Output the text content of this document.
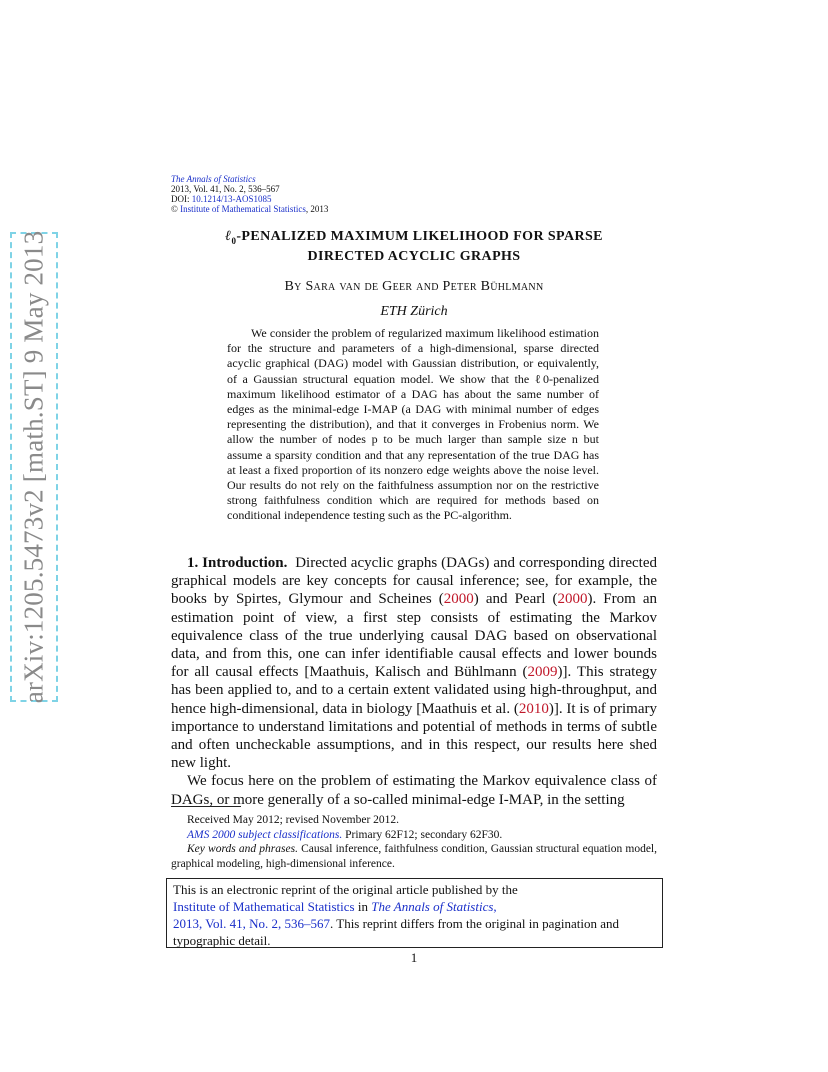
arXiv:1205.5473v2 [math.ST] 9 May 2013
The Annals of Statistics
2013, Vol. 41, No. 2, 536–567
DOI: 10.1214/13-AOS1085
© Institute of Mathematical Statistics, 2013
ℓ$_0$-PENALIZED MAXIMUM LIKELIHOOD FOR SPARSE
DIRECTED ACYCLIC GRAPHS
By Sara van de Geer and Peter Bühlmann
ETH Zürich
We consider the problem of regularized maximum likelihood estimation for the structure and parameters of a high-dimensional, sparse directed acyclic graphical (DAG) model with Gaussian distribution, or equivalently, of a Gaussian structural equation model. We show that the ℓ0-penalized maximum likelihood estimator of a DAG has about the same number of edges as the minimal-edge I-MAP (a DAG with minimal number of edges representing the distribution), and that it converges in Frobenius norm. We allow the number of nodes p to be much larger than sample size n but assume a sparsity condition and that any representation of the true DAG has at least a fixed proportion of its nonzero edge weights above the noise level. Our results do not rely on the faithfulness assumption nor on the restrictive strong faithfulness condition which are required for methods based on conditional independence testing such as the PC-algorithm.

1. Introduction. Directed acyclic graphs (DAGs) and corresponding directed graphical models are key concepts for causal inference; see, for example, the books by Spirtes, Glymour and Scheines (2000) and Pearl (2000). From an estimation point of view, a first step consists of estimating the Markov equivalence class of the true underlying causal DAG based on observational data, and from this, one can infer identifiable causal effects and lower bounds for all causal effects [Maathuis, Kalisch and Bühlmann (2009)]. This strategy has been applied to, and to a certain extent validated using high-throughput, and hence high-dimensional, data in biology [Maathuis et al. (2010)]. It is of primary importance to understand limitations and potential of methods in terms of subtle and often uncheckable assumptions, and in this respect, our results here shed new light.

We focus here on the problem of estimating the Markov equivalence class of DAGs, or more generally of a so-called minimal-edge I-MAP, in the setting

Received May 2012; revised November 2012.

AMS 2000 subject classifications. Primary 62F12; secondary 62F30.

Key words and phrases. Causal inference, faithfulness condition, Gaussian structural equation model, graphical modeling, high-dimensional inference.

This is an electronic reprint of the original article published by the
Institute of Mathematical Statistics in The Annals of Statistics,
2013, Vol. 41, No. 2, 536–567. This reprint differs from the original in pagination and typographic detail.
1
